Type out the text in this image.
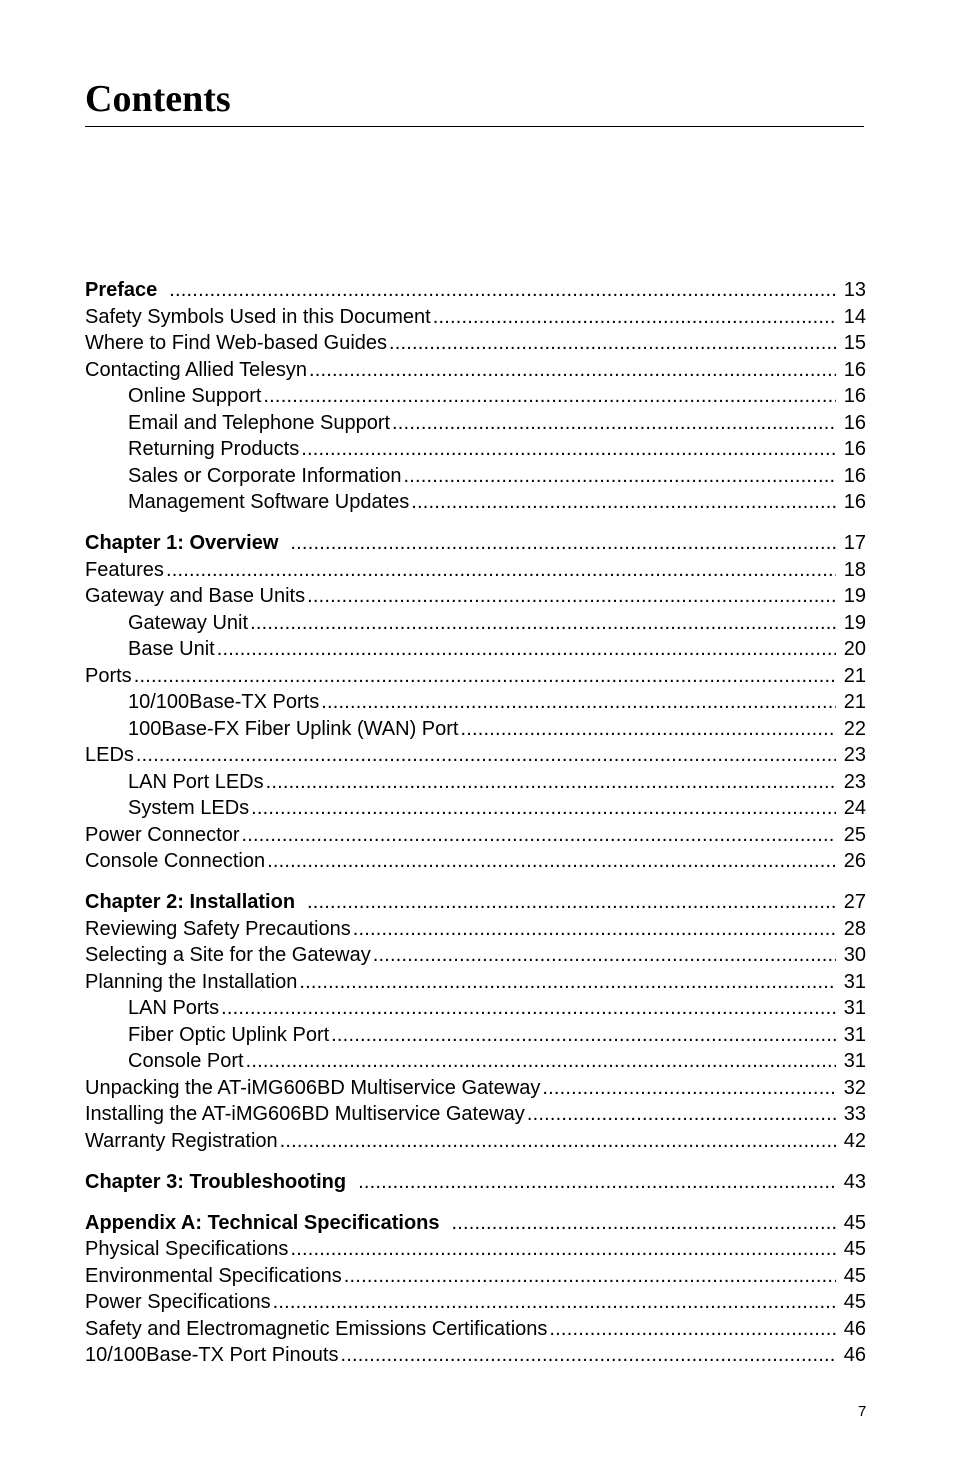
Contents
Preface .....	13
Safety Symbols Used in this Document .....	14
Where to Find Web-based Guides .....	15
Contacting Allied Telesyn .....	16
Online Support .....	16
Email and Telephone Support .....	16
Returning Products .....	16
Sales or Corporate Information .....	16
Management Software Updates .....	16
Chapter 1: Overview .....	17
Features .....	18
Gateway and Base Units .....	19
Gateway Unit .....	19
Base Unit .....	20
Ports .....	21
10/100Base-TX Ports .....	21
100Base-FX Fiber Uplink (WAN) Port .....	22
LEDs .....	23
LAN Port LEDs .....	23
System LEDs .....	24
Power Connector .....	25
Console Connection .....	26
Chapter 2: Installation .....	27
Reviewing Safety Precautions .....	28
Selecting a Site for the Gateway .....	30
Planning the Installation .....	31
LAN Ports .....	31
Fiber Optic Uplink Port .....	31
Console Port .....	31
Unpacking the AT-iMG606BD Multiservice Gateway .....	32
Installing the AT-iMG606BD Multiservice Gateway .....	33
Warranty Registration .....	42
Chapter 3: Troubleshooting .....	43
Appendix A: Technical Specifications .....	45
Physical Specifications .....	45
Environmental Specifications .....	45
Power Specifications .....	45
Safety and Electromagnetic Emissions Certifications .....	46
10/100Base-TX Port Pinouts .....	46
7
